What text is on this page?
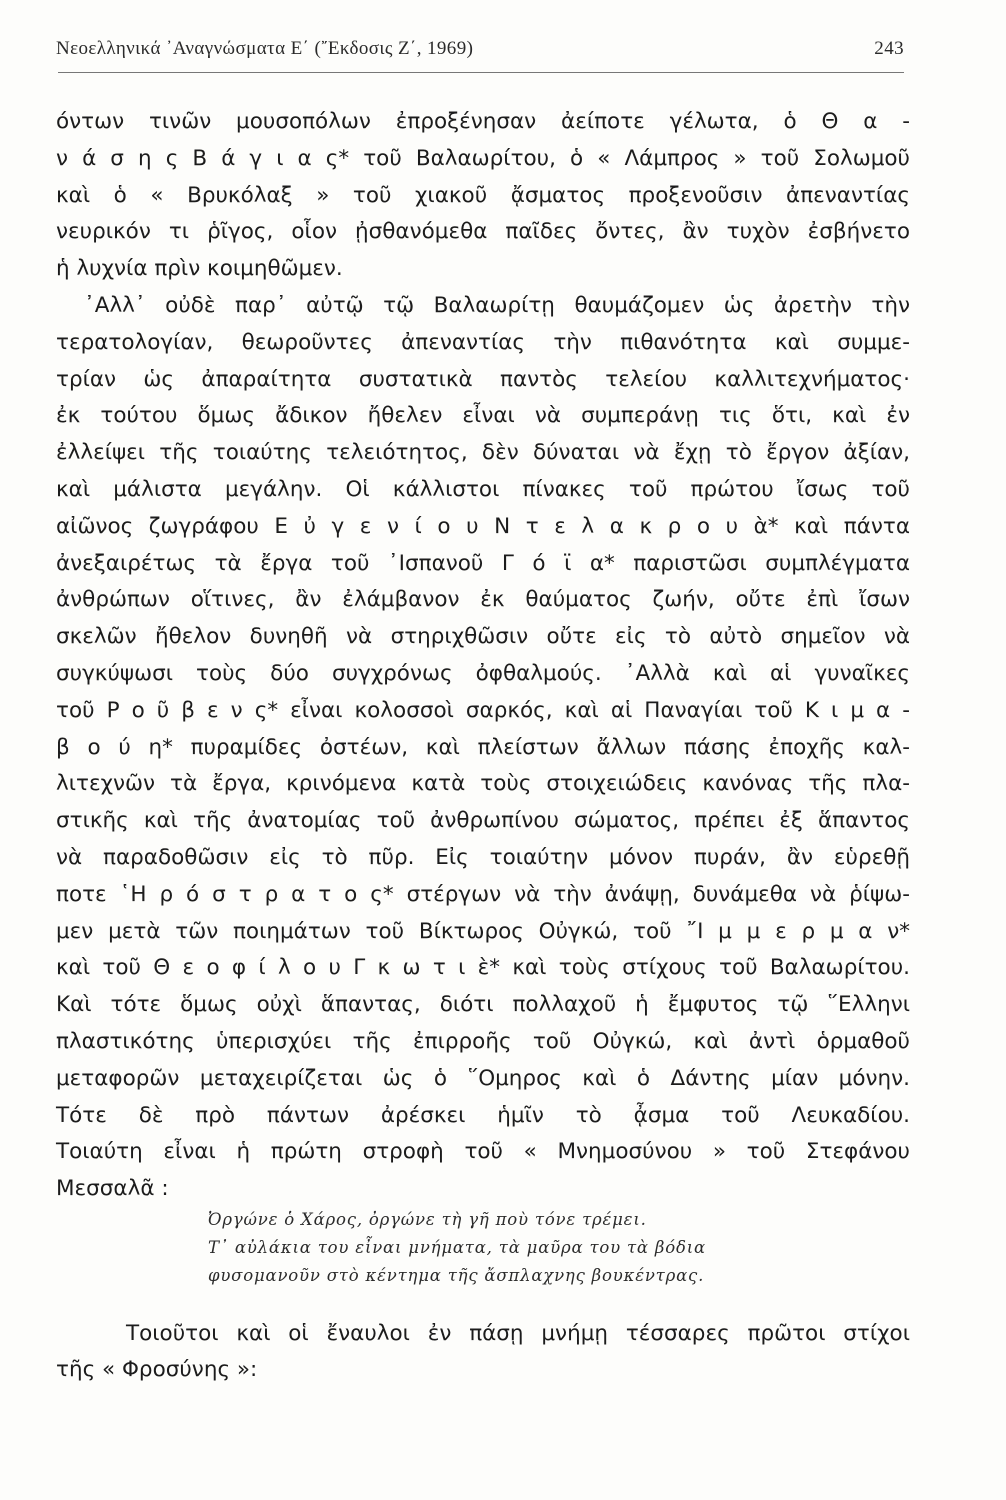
Νεοελληνικά ᾿Αναγνώσματα Ε΄ (῎Εκδοσις Ζ΄, 1969)	243
όντων τινῶν μουσοπόλων ἐπροξένησαν ἀείποτε γέλωτα, ὁ Θ α -
ν ά σ η ς Β ά γ ι α ς* τοῦ Βαλαωρίτου, ὁ « Λάμπρος » τοῦ Σολωμοῦ
καὶ ὁ « Βρυκόλαξ » τοῦ χιακοῦ ᾄσματος προξενοῦσιν ἀπεναντίας
νευρικόν τι ῥῖγος, οἷον ᾐσθανόμεθα παῖδες ὄντες, ἂν τυχὸν ἐσβήνετο
ἡ λυχνία πρὶν κοιμηθῶμεν.
᾿Αλλ᾿ οὐδὲ παρ᾿ αὐτῷ τῷ Βαλαωρίτῃ θαυμάζομεν ὡς ἀρετὴν τὴν
τερατολογίαν, θεωροῦντες ἀπεναντίας τὴν πιθανότητα καὶ συμμε-
τρίαν ὡς ἀπαραίτητα συστατικὰ παντὸς τελείου καλλιτεχνήματος·
ἐκ τούτου ὅμως ἄδικον ἤθελεν εἶναι νὰ συμπεράνῃ τις ὅτι, καὶ ἐν
ἐλλείψει τῆς τοιαύτης τελειότητος, δὲν δύναται νὰ ἔχῃ τὸ ἔργον ἀξίαν,
καὶ μάλιστα μεγάλην. Οἱ κάλλιστοι πίνακες τοῦ πρώτου ἴσως τοῦ
αἰῶνος ζωγράφου Ε ὐ γ ε ν ί ο υ Ν τ ε λ α κ ρ ο υ ὰ* καὶ πάντα
ἀνεξαιρέτως τὰ ἔργα τοῦ ᾿Ισπανοῦ Γ ό ϊ α* παριστῶσι συμπλέγματα
ἀνθρώπων οἵτινες, ἂν ἐλάμβανον ἐκ θαύματος ζωήν, οὔτε ἐπὶ ἴσων
σκελῶν ἤθελον δυνηθῆ νὰ στηριχθῶσιν οὔτε εἰς τὸ αὐτὸ σημεῖον νὰ
συγκύψωσι τοὺς δύο συγχρόνως ὀφθαλμούς. ᾿Αλλὰ καὶ αἱ γυναῖκες
τοῦ Ρ ο ῦ β ε ν ς* εἶναι κολοσσοὶ σαρκός, καὶ αἱ Παναγίαι τοῦ Κ ι μ α -
β ο ύ η* πυραμίδες ὀστέων, καὶ πλείστων ἄλλων πάσης ἐποχῆς καλ-
λιτεχνῶν τὰ ἔργα, κρινόμενα κατὰ τοὺς στοιχειώδεις κανόνας τῆς πλα-
στικῆς καὶ τῆς ἀνατομίας τοῦ ἀνθρωπίνου σώματος, πρέπει ἐξ ἅπαντος
νὰ παραδοθῶσιν εἰς τὸ πῦρ. Εἰς τοιαύτην μόνον πυράν, ἂν εὑρεθῇ
ποτε ῾Η ρ ό σ τ ρ α τ ο ς* στέργων νὰ τὴν ἀνάψῃ, δυνάμεθα νὰ ῥίψω-
μεν μετὰ τῶν ποιημάτων τοῦ Βίκτωρος Οὐγκώ, τοῦ ῎Ι μ μ ε ρ μ α ν*
καὶ τοῦ Θ ε ο φ ί λ ο υ Γ κ ω τ ι ὲ* καὶ τοὺς στίχους τοῦ Βαλαωρίτου.
Καὶ τότε ὅμως οὐχὶ ἅπαντας, διότι πολλαχοῦ ἡ ἔμφυτος τῷ ῞Ελληνι
πλαστικότης ὑπερισχύει τῆς ἐπιρροῆς τοῦ Οὐγκώ, καὶ ἀντὶ ὁρμαθοῦ
μεταφορῶν μεταχειρίζεται ὡς ὁ ῞Ομηρος καὶ ὁ Δάντης μίαν μόνην.
Τότε δὲ πρὸ πάντων ἀρέσκει ἡμῖν τὸ ᾆσμα τοῦ Λευκαδίου.
Τοιαύτη εἶναι ἡ πρώτη στροφὴ τοῦ « Μνημοσύνου » τοῦ Στεφάνου
Μεσσαλᾶ :
Ὀργώνε ὁ Χάρος, ὀργώνε τὴ γῆ ποὺ τόνε τρέμει.
Τ᾿ αὐλάκια του εἶναι μνήματα, τὰ μαῦρα του τὰ βόδια
φυσομανοῦν στὸ κέντημα τῆς ἄσπλαχνης βουκέντρας.
Τοιοῦτοι καὶ οἱ ἔναυλοι ἐν πάσῃ μνήμῃ τέσσαρες πρῶτοι στίχοι
τῆς « Φροσύνης »:
